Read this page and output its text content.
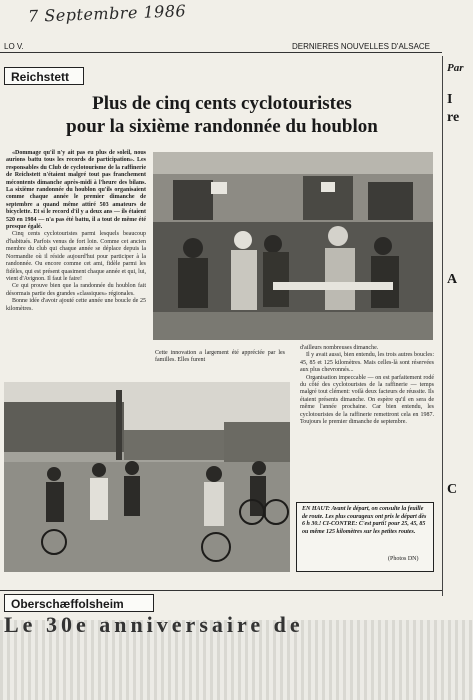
7 Septembre 1986
LO V.	DERNIERES NOUVELLES D'ALSACE
Reichstett
Plus de cinq cents cyclotouristes
pour la sixième randonnée du houblon

«Dommage qu'il n'y ait pas eu plus de soleil, nous aurions battu tous les records de participation». Les responsables du Club de cyclotourisme de la raffinerie de Reichstett n'étaient malgré tout pas franchement mécontents dimanche après-midi à l'heure des bilans. La sixième randonnée du houblon qu'ils organisaient comme chaque année le premier dimanche de septembre a quand même attiré 503 amateurs de bicyclette. Et si le record d'il y a deux ans — ils étaient 520 en 1984 — n'a pas été battu, il a tout de même été presque égalé.

Cinq cents cyclotouristes parmi lesquels beaucoup d'habitués. Parfois venus de fort loin. Comme cet ancien membre du club qui chaque année se déplace depuis la Normandie où il réside aujourd'hui pour participer à la randonnée. Ou encore comme cet ami, fidèle parmi les fidèles, qui est présent quasiment chaque année et qui, lui, vient d'Avignon. Il faut le faire!

Ce qui prouve bien que la randonnée du houblon fait désormais partie des grandes «classiques» régionales.

Bonne idée d'avoir ajouté cette année une boucle de 25 kilomètres.

Cette innovation a largement été appréciée par les familles. Elles furent

d'ailleurs nombreuses dimanche.

Il y avait aussi, bien entendu, les trois autres boucles: 45, 85 et 125 kilomètres. Mais celles-là sont réservées aux plus chevronnés...

Organisation impeccable — on est parfaitement rodé du côté des cyclotouristes de la raffinerie — temps malgré tout clément: voilà deux facteurs de réussite. Ils étaient présents dimanche. On espère qu'il en sera de même l'année prochaine. Car bien entendu, les cyclotouristes de la raffinerie remettront cela en 1987. Toujours le premier dimanche de septembre.

EN HAUT: Avant le départ, on consulte la feuille de route. Les plus courageux ont pris le départ dès 6 h 30.! CI-CONTRE: C'est parti! pour 25, 45, 85 ou même 125 kilomètres sur les petites routes.
(Photos DN)
Par
I
re
A
C
Oberschæffolsheim
Le 30e anniversaire de
